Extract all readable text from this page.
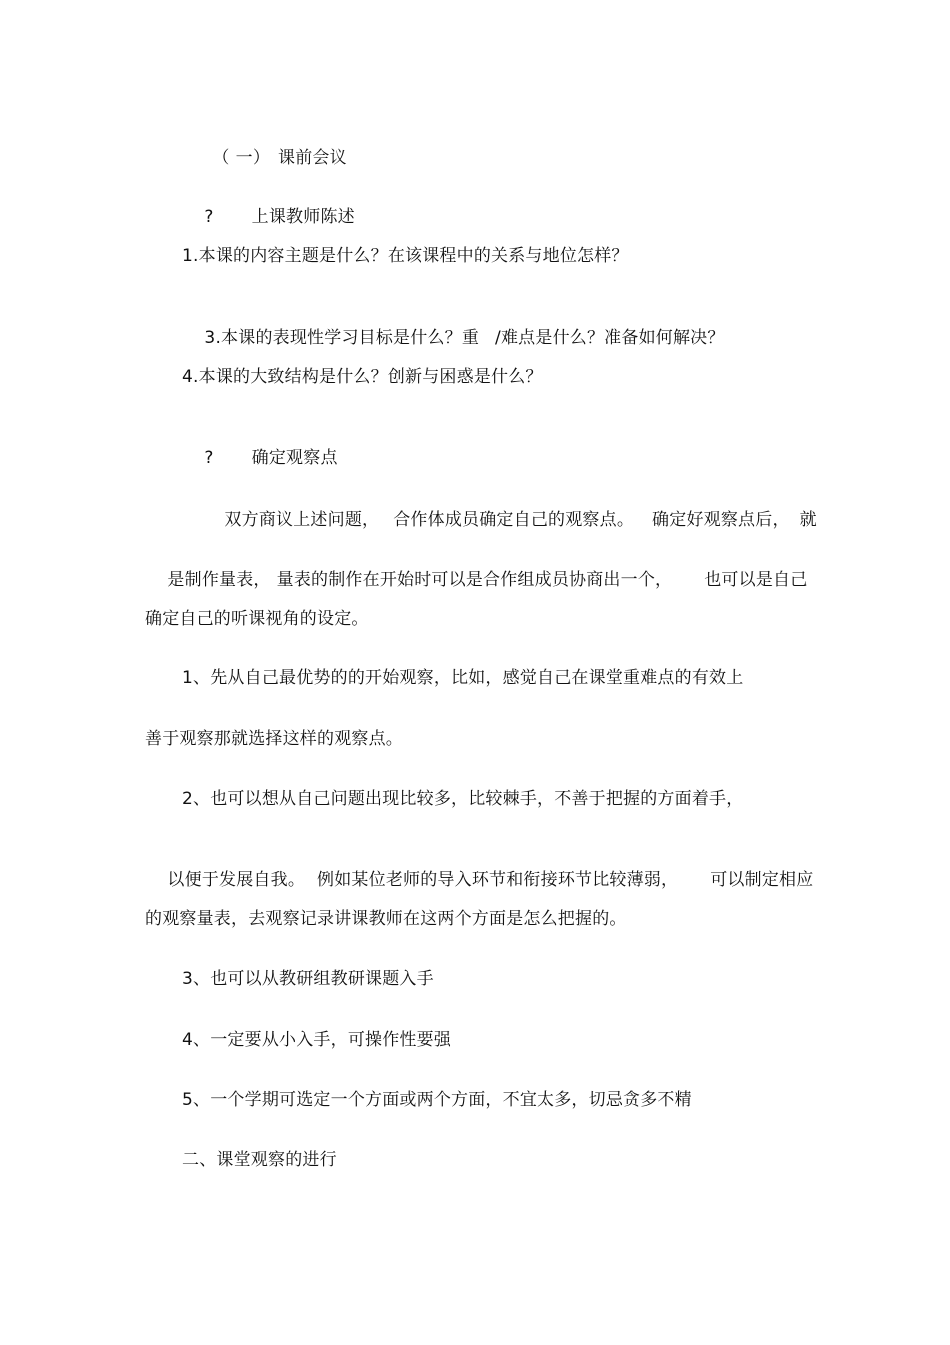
（ 一） 课前会议

? 上课教师陈述

1.本课的内容主题是什么？在该课程中的关系与地位怎样？

3.本课的表现性学习目标是什么？重 /难点是什么？准备如何解决？

4.本课的大致结构是什么？创新与困惑是什么？

? 确定观察点

双方商议上述问题， 合作体成员确定自己的观察点。 确定好观察点后， 就

是制作量表， 量表的制作在开始时可以是合作组成员协商出一个， 也可以是自己

确定自己的听课视角的设定。
1、先从自己最优势的的开始观察，比如，感觉自己在课堂重难点的有效上
善于观察那就选择这样的观察点。
2、也可以想从自己问题出现比较多，比较棘手，不善于把握的方面着手，

以便于发展自我。 例如某位老师的导入环节和衔接环节比较薄弱， 可以制定相应

的观察量表，去观察记录讲课教师在这两个方面是怎么把握的。
3、也可以从教研组教研课题入手
4、一定要从小入手，可操作性要强
5、一个学期可选定一个方面或两个方面，不宜太多，切忌贪多不精
二、课堂观察的进行
